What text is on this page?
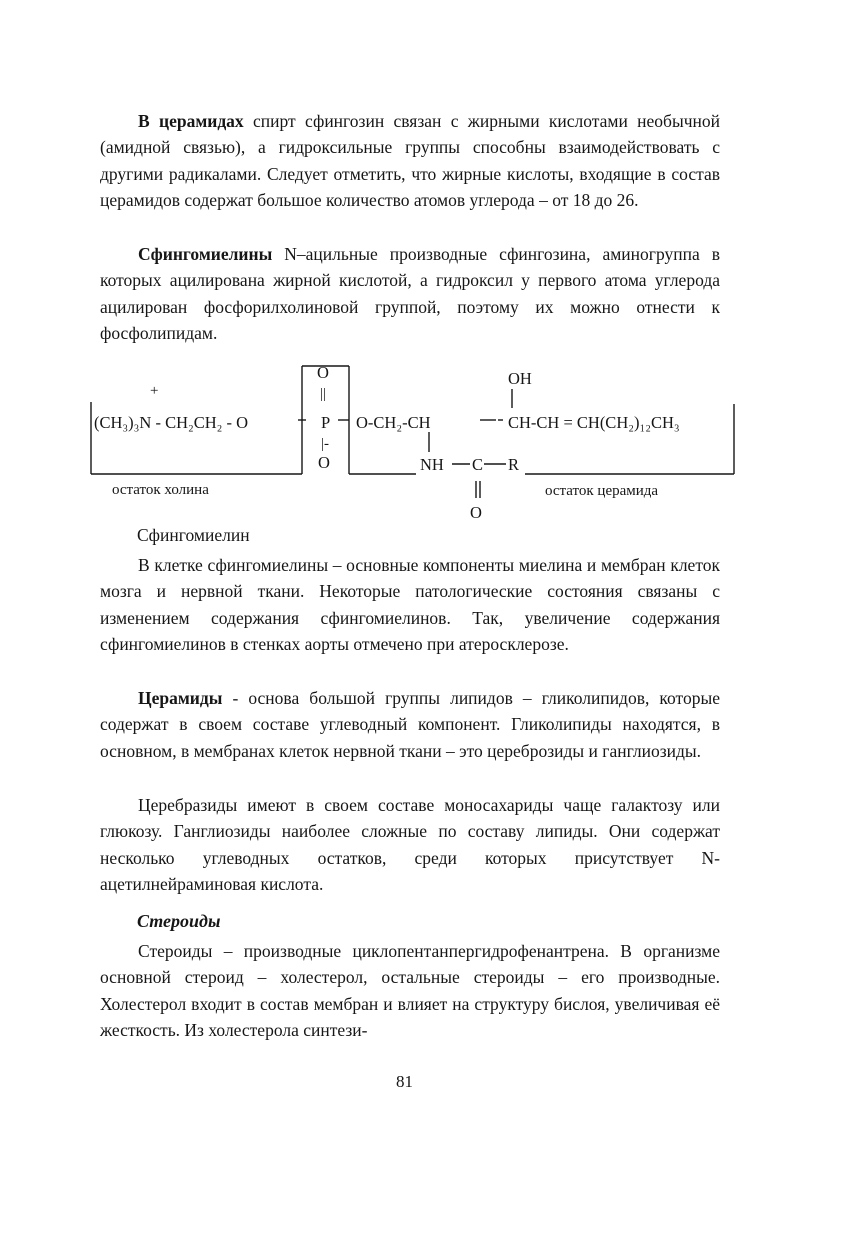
В церамидах спирт сфингозин связан с жирными кислотами необычной (амидной связью), а гидроксильные группы способны взаимодействовать с другими радикалами. Следует отметить, что жирные кислоты, входящие в состав церамидов содержат большое количество атомов углерода – от 18 до 26.

Сфингомиелины N–ацильные производные сфингозина, аминогруппа в которых ацилирована жирной кислотой, а гидроксил у первого атома углерода ацилирован фосфорилхолиновой группой, поэтому их можно отнести к фосфолипидам.

+
(CH₃)₃N - CH₂CH₂ - O
O
||
P
|-
O
O-CH₂-CH
OH
CH-CH = CH(CH₂)₁₂CH₃
NH C R
O
остаток холина	остаток церамида
Сфингомиелин

В клетке сфингомиелины – основные компоненты миелина и мембран клеток мозга и нервной ткани. Некоторые патологические состояния связаны с изменением содержания сфингомиелинов. Так, увеличение содержания сфингомиелинов в стенках аорты отмечено при атеросклерозе.

Церамиды - основа большой группы липидов – гликолипидов, которые содержат в своем составе углеводный компонент. Гликолипиды находятся, в основном, в мембранах клеток нервной ткани – это цереброзиды и ганглиозиды.

Церебразиды имеют в своем составе моносахариды чаще галактозу или глюкозу. Ганглиозиды наиболее сложные по составу липиды. Они содержат несколько углеводных остатков, среди которых присутствует N-ацетилнейраминовая кислота.

Стероиды

Стероиды – производные циклопентанпергидрофенантрена. В организме основной стероид – холестерол, остальные стероиды – его производные. Холестерол входит в состав мембран и влияет на структуру бислоя, увеличивая её жесткость. Из холестерола синтези-

81
